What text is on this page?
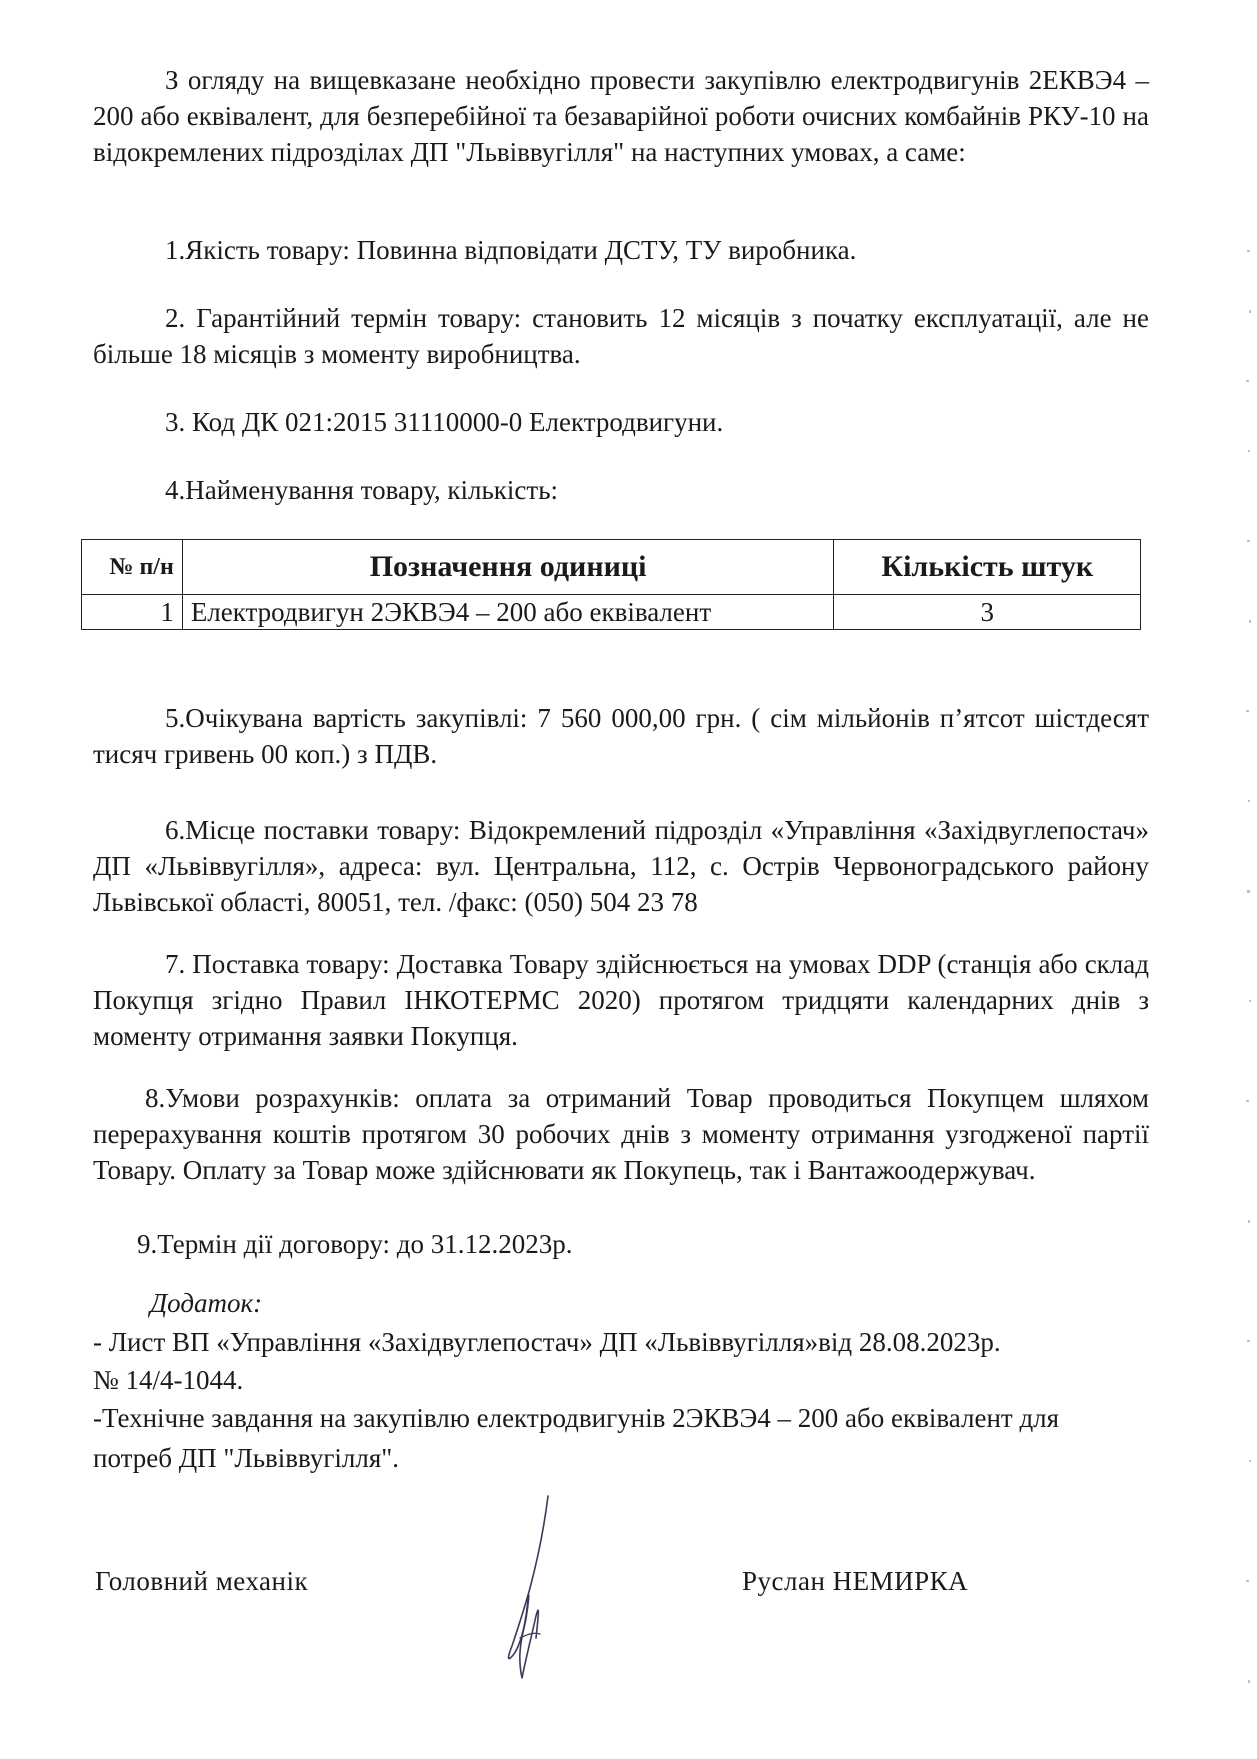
З огляду на вищевказане необхідно провести закупівлю електродвигунів 2ЕКВЭ4 – 200 або еквівалент, для безперебійної та безаварійної роботи очисних комбайнів РКУ-10 на відокремлених підрозділах ДП "Львіввугілля" на наступних умовах, а саме:

1.Якість товару: Повинна відповідати ДСТУ, ТУ виробника.

2. Гарантійний термін товару: становить 12 місяців з початку експлуатації, але не більше 18 місяців з моменту виробництва.

3. Код ДК 021:2015 31110000-0 Електродвигуни.

4.Найменування товару, кількість:

№ п/н	Позначення одиниці	Кількість штук
1	Електродвигун 2ЭКВЭ4 – 200 або еквівалент	3

5.Очікувана вартість закупівлі: 7 560 000,00 грн. ( сім мільйонів п’ятсот шістдесят тисяч гривень 00 коп.) з ПДВ.

6.Місце поставки товару: Відокремлений підрозділ «Управління «Західвуглепостач» ДП «Львіввугілля», адреса: вул. Центральна, 112, с. Острів Червоноградського району Львівської області, 80051, тел. /факс: (050) 504 23 78

7. Поставка товару: Доставка Товару здійснюється на умовах DDP (станція або склад Покупця згідно Правил ІНКОТЕРМС 2020) протягом тридцяти календарних днів з моменту отримання заявки Покупця.

8.Умови розрахунків: оплата за отриманий Товар проводиться Покупцем шляхом перерахування коштів протягом 30 робочих днів з моменту отримання узгодженої партії Товару. Оплату за Товар може здійснювати як Покупець, так і Вантажоодержувач.

9.Термін дії договору: до 31.12.2023р.

Додаток:
- Лист ВП «Управління «Західвуглепостач» ДП «Львіввугілля»від 28.08.2023р.
№ 14/4-1044.
-Технічне завдання на закупівлю електродвигунів 2ЭКВЭ4 – 200 або еквівалент для
потреб ДП "Львіввугілля".
Головний механік	Руслан НЕМИРКА
